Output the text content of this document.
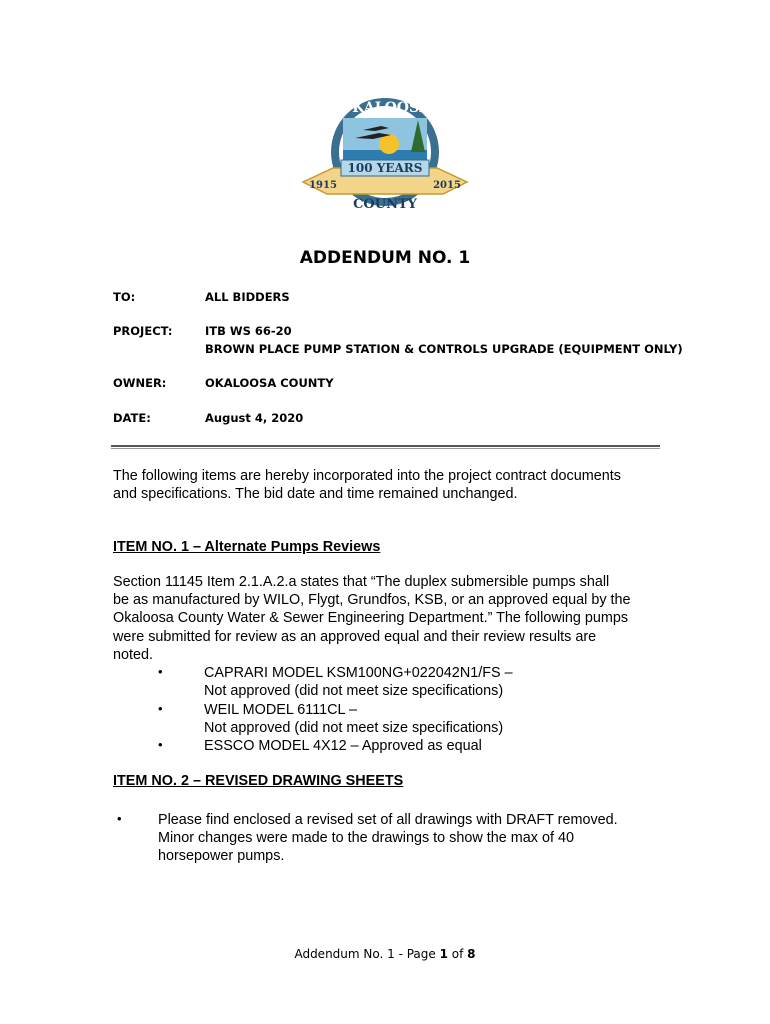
OKALOOSA
100 YEARS
1915	2015
COUNTY
ADDENDUM NO. 1
TO:	ALL BIDDERS
PROJECT:	ITB WS 66-20
BROWN PLACE PUMP STATION & CONTROLS UPGRADE (EQUIPMENT ONLY)
OWNER:	OKALOOSA COUNTY
DATE:	August 4, 2020
The following items are hereby incorporated into the project contract documents
and specifications. The bid date and time remained unchanged.
ITEM NO. 1 – Alternate Pumps Reviews
Section 11145 Item 2.1.A.2.a states that “The duplex submersible pumps shall
be as manufactured by WILO, Flygt, Grundfos, KSB, or an approved equal by the
Okaloosa County Water & Sewer Engineering Department.” The following pumps
were submitted for review as an approved equal and their review results are
noted.
•	CAPRARI MODEL KSM100NG+022042N1/FS –
Not approved (did not meet size specifications)
•	WEIL MODEL 6111CL –
Not approved (did not meet size specifications)
•	ESSCO MODEL 4X12 – Approved as equal
ITEM NO. 2 – REVISED DRAWING SHEETS
•	Please find enclosed a revised set of all drawings with DRAFT removed.
Minor changes were made to the drawings to show the max of 40
horsepower pumps.
Addendum No. 1 - Page 1 of 8
